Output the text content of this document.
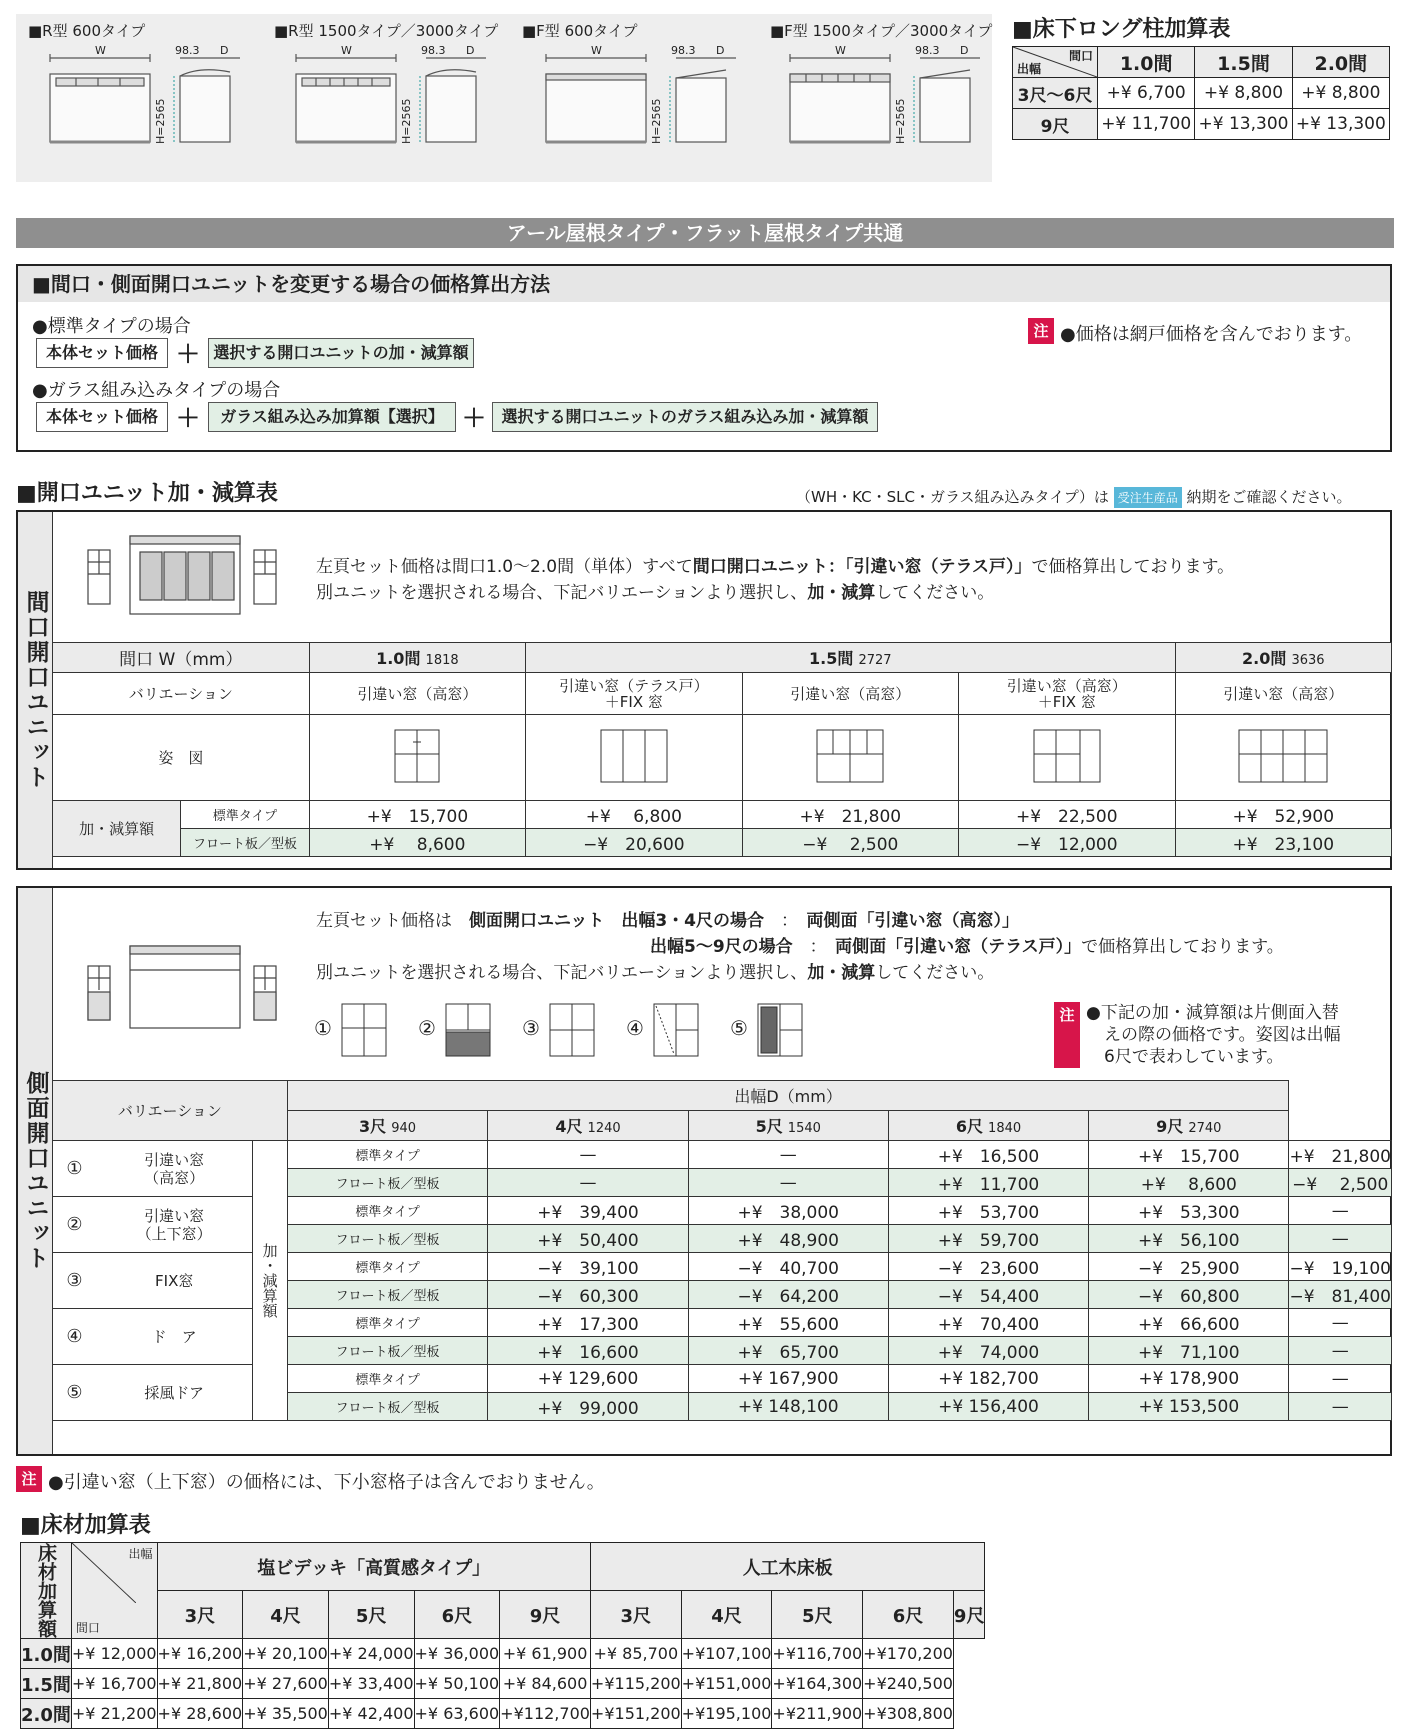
■R型 600タイプ	■R型 1500タイプ／3000タイプ ■F型 600タイプ	■F型 1500タイプ／3000タイプ
W	98.3 D
H=2565
W	98.3 D
H=2565
W	98.3 D
H=2565
W	98.3 D
H=2565
■床下ロング柱加算表
間口
出幅	1.0間	1.5間	2.0間
3尺〜6尺	+¥ 6,700	+¥ 8,800	+¥ 8,800
9尺	+¥ 11,700	+¥ 13,300	+¥ 13,300
アール屋根タイプ・フラット屋根タイプ共通
■間口・側面開口ユニットを変更する場合の価格算出方法
●標準タイプの場合
本体セット価格 ＋ 選択する開口ユニットの加・減算額
●ガラス組み込みタイプの場合
本体セット価格 ＋	ガラス組み込み加算額【選択】 ＋ 選択する開口ユニットのガラス組み込み加・減算額
注 ●価格は網戸価格を含んでおります。
■開口ユニット加・減算表	（WH・KC・SLC・ガラス組み込みタイプ）は 受注生産品 納期をご確認ください。
間口開口ユニット
左頁セット価格は間口1.0〜2.0間（単体）すべて間口開口ユニット：「引違い窓（テラス戸）」で価格算出しております。
別ユニットを選択される場合、下記バリエーションより選択し、加・減算してください。
間口 W（mm）		1.0間 1818	1.5間 2727			2.0間 3636
バリエーション		引違い窓（高窓）	引違い窓（テラス戸）
＋FIX 窓	引違い窓（高窓）	引違い窓（高窓）
＋FIX 窓	引違い窓（高窓）
姿　図					
加・減算額	標準タイプ	+¥　15,700	+¥　 6,800	+¥　21,800	+¥　22,500	+¥　52,900
	フロート板／型板	+¥　 8,600	−¥　20,600	−¥　 2,500	−¥　12,000	+¥　23,100
側面開口ユニット
左頁セット価格は　 側面開口ユニット　出幅3・4尺の場合　 ：　 両側面「引違い窓（高窓）」
出幅5〜9尺の場合　 ：　 両側面「引違い窓（テラス戸）」で価格算出しております。
別ユニットを選択される場合、下記バリエーションより選択し、加・減算してください。
①	②	③	④	⑤
注 ●下記の加・減算額は片側面入替
えの際の価格です。姿図は出幅
6尺で表わしています。
バリエーション			出幅D（mm）					
			3尺 940	4尺 1240	5尺 1540	6尺 1840	9尺 2740	
①	引違い窓
（高窓）	加・減算額	標準タイプ	—	—	+¥　16,500	+¥　15,700	+¥　21,800
			フロート板／型板	—	—	+¥　11,700	+¥　 8,600	−¥　 2,500
②	引違い窓
（上下窓）		標準タイプ	+¥　39,400	+¥　38,000	+¥　53,700	+¥　53,300	—
			フロート板／型板	+¥　50,400	+¥　48,900	+¥　59,700	+¥　56,100	—
③	FIX窓		標準タイプ	−¥　39,100	−¥　40,700	−¥　23,600	−¥　25,900	−¥　19,100
			フロート板／型板	−¥　60,300	−¥　64,200	−¥　54,400	−¥　60,800	−¥　81,400
④	ド　ア		標準タイプ	+¥　17,300	+¥　55,600	+¥　70,400	+¥　66,600	—
			フロート板／型板	+¥　16,600	+¥　65,700	+¥　74,000	+¥　71,100	—
⑤	採風ドア		標準タイプ	+¥ 129,600	+¥ 167,900	+¥ 182,700	+¥ 178,900	—
			フロート板／型板	+¥　99,000	+¥ 148,100	+¥ 156,400	+¥ 153,500	—
注 ●引違い窓（上下窓）の価格には、下小窓格子は含んでおりません。
■床材加算表
床材加算額	出幅
間口	塩ビデッキ「高質感タイプ」					人工木床板				
		3尺	4尺	5尺	6尺	9尺	3尺	4尺	5尺	6尺	9尺
1.0間	+¥ 12,000	+¥ 16,200	+¥ 20,100	+¥ 24,000	+¥ 36,000	+¥ 61,900	+¥ 85,700	+¥107,100	+¥116,700	+¥170,200	
1.5間	+¥ 16,700	+¥ 21,800	+¥ 27,600	+¥ 33,400	+¥ 50,100	+¥ 84,600	+¥115,200	+¥151,000	+¥164,300	+¥240,500	
2.0間	+¥ 21,200	+¥ 28,600	+¥ 35,500	+¥ 42,400	+¥ 63,600	+¥112,700	+¥151,200	+¥195,100	+¥211,900	+¥308,800	
